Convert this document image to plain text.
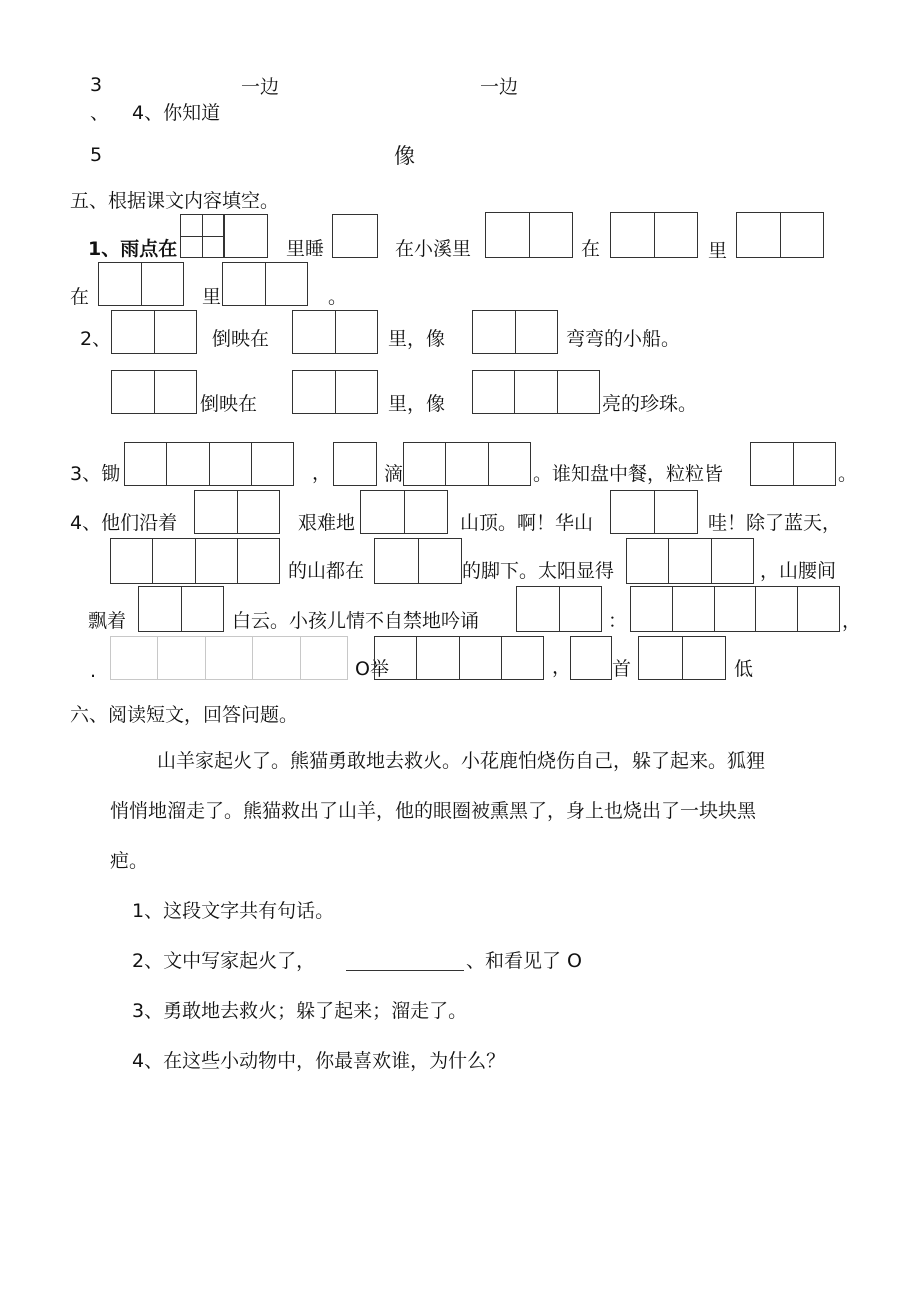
3	一边	一边
、 4、你知道
5	像
五、根据课文内容填空。
1、雨点在	里睡	在小溪里	在	里
在	里	。
2、	倒映在	里，像	弯弯的小船。
倒映在	里，像	亮的珍珠。
3、锄	，	滴	。谁知盘中餐，粒粒皆	。
4、他们沿着	艰难地	山顶。啊！华山	哇！除了蓝天，
的山都在	的脚下。太阳显得	，山腰间
飘着	白云。小孩儿情不自禁地吟诵	：	，
.	O举	， 首	低
六、阅读短文，回答问题。
山羊家起火了。熊猫勇敢地去救火。小花鹿怕烧伤自己，躲了起来。狐狸
悄悄地溜走了。熊猫救出了山羊，他的眼圈被熏黑了，身上也烧出了一块块黑
疤。
1、这段文字共有句话。
2、文中写家起火了，	、和看见了 O
3、勇敢地去救火；躲了起来；溜走了。
4、在这些小动物中，你最喜欢谁，为什么？
